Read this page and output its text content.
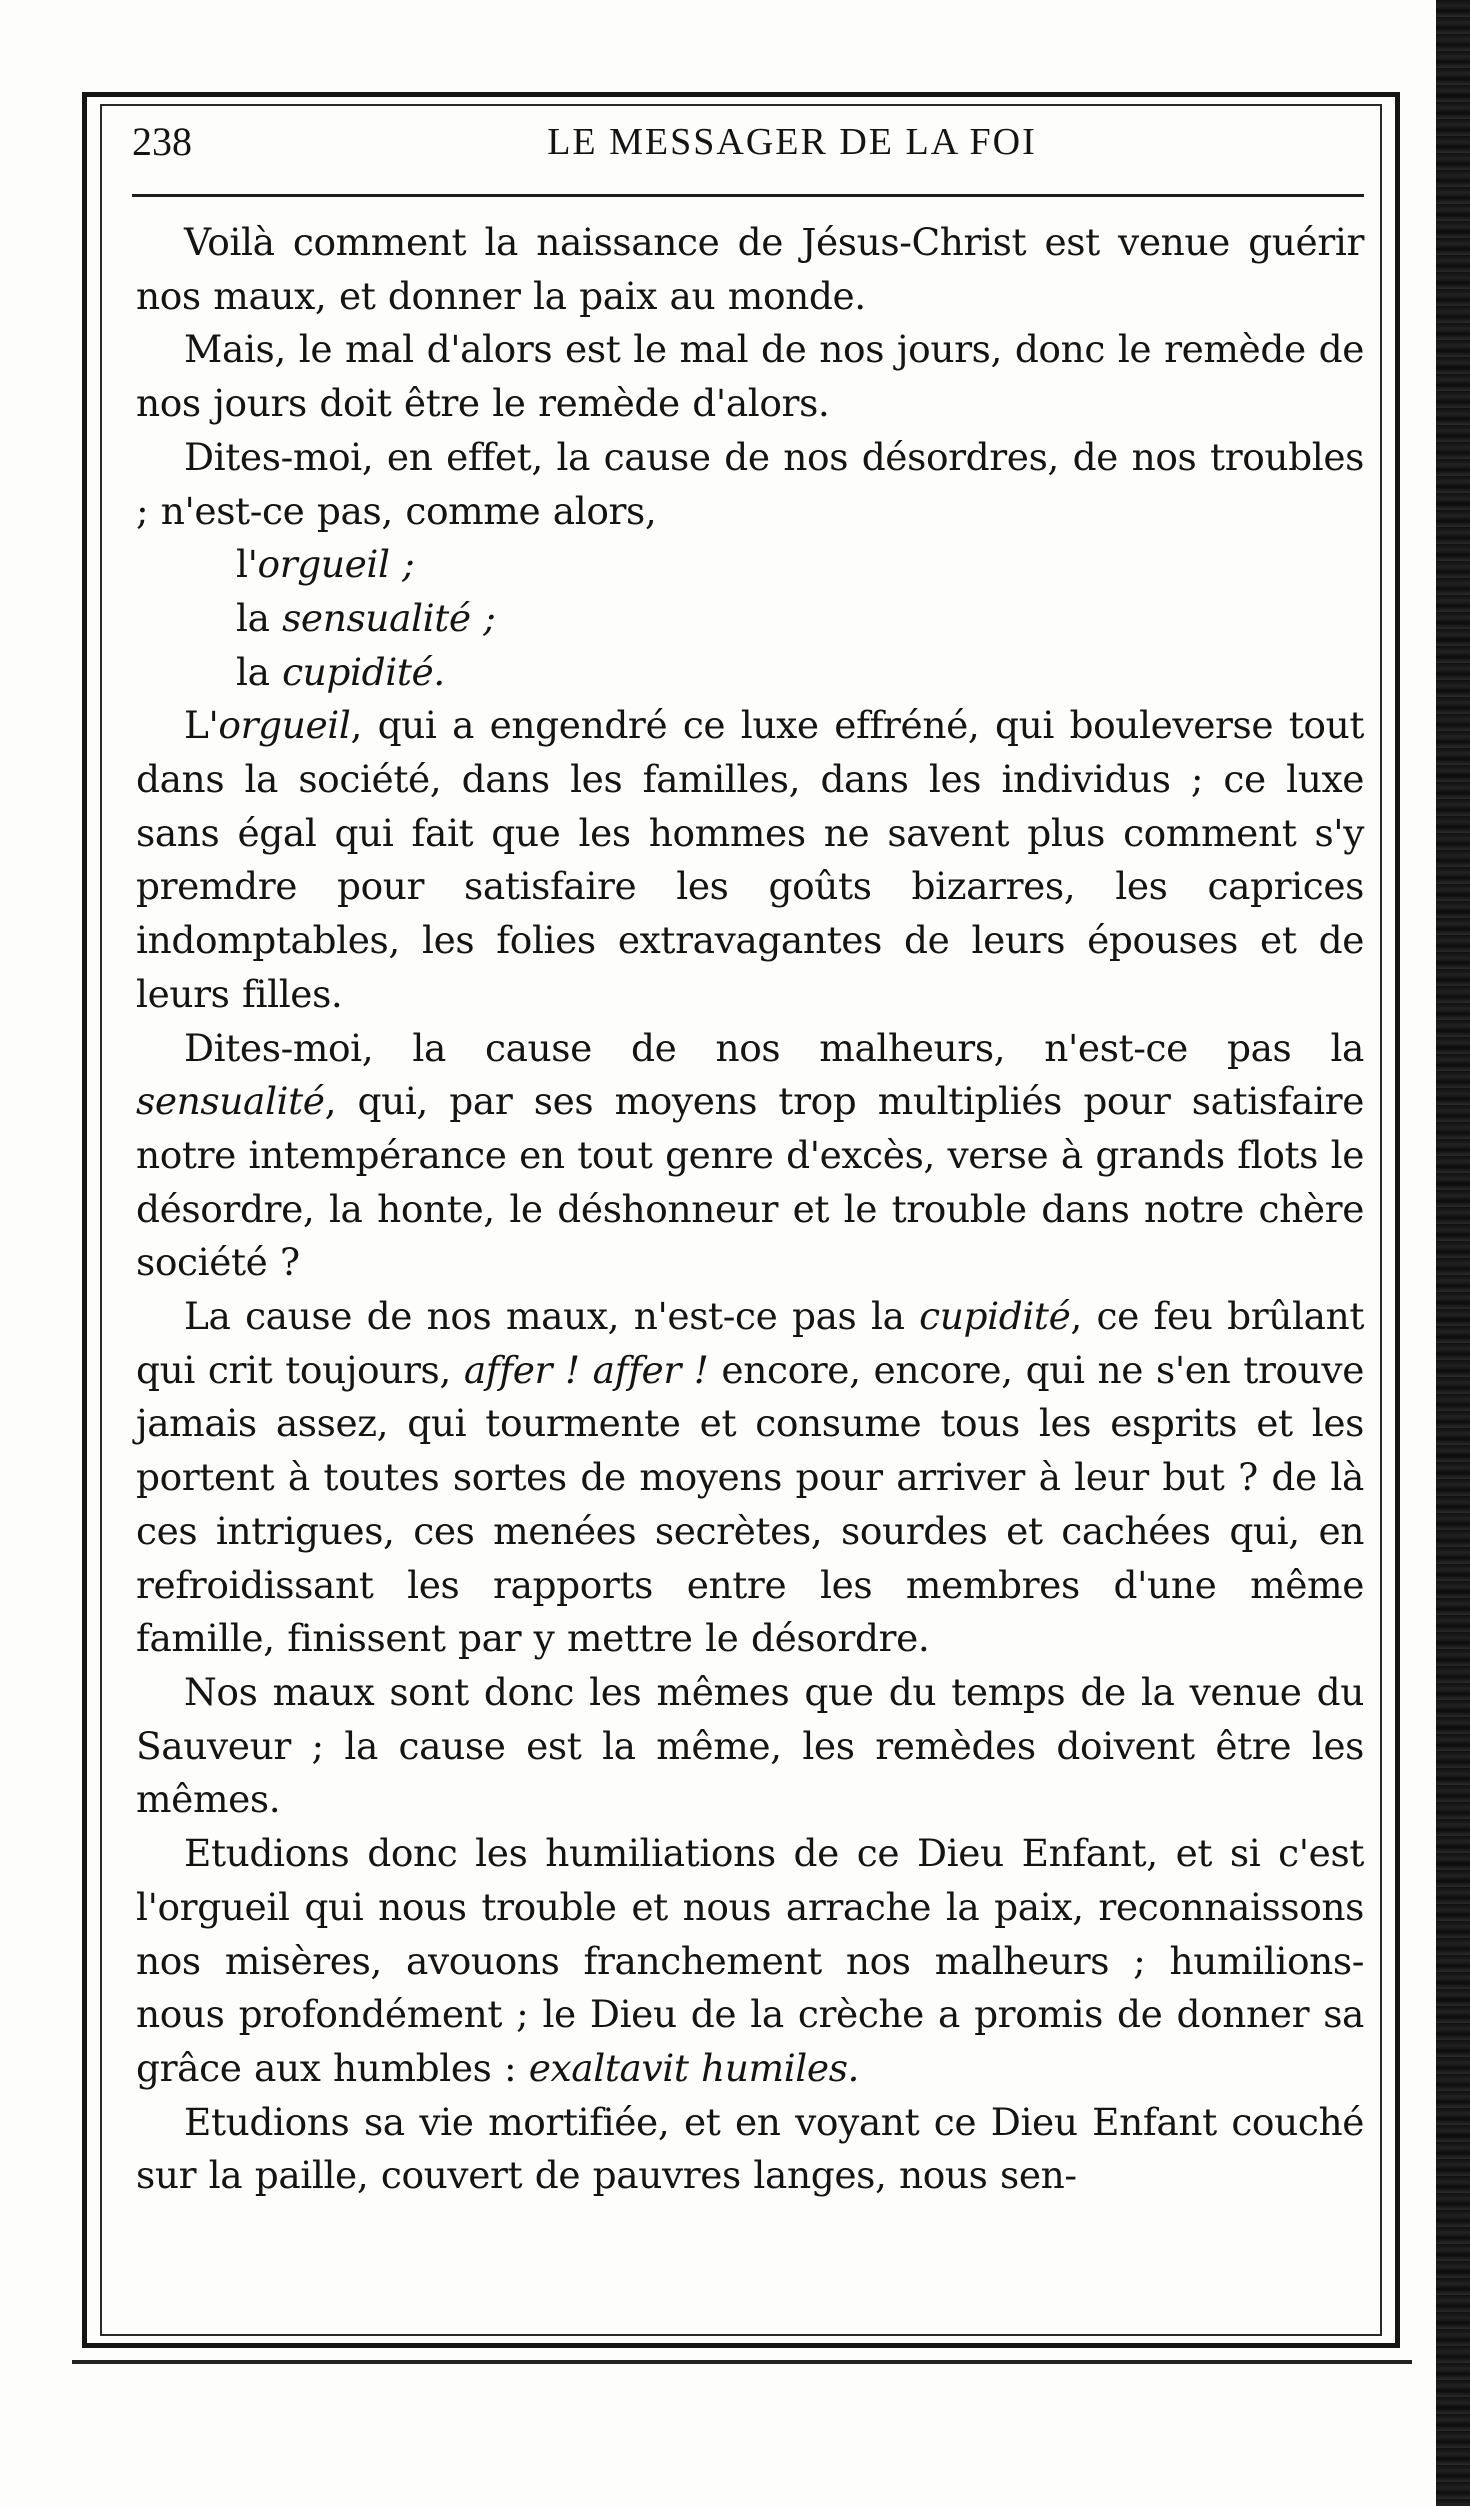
238	LE MESSAGER DE LA FOI

Voilà comment la naissance de Jésus-Christ est venue guérir nos maux, et donner la paix au monde.

Mais, le mal d'alors est le mal de nos jours, donc le remède de nos jours doit être le remède d'alors.

Dites-moi, en effet, la cause de nos désordres, de nos troubles ; n'est-ce pas, comme alors,

l'orgueil ;

la sensualité ;

la cupidité.

L'orgueil, qui a engendré ce luxe effréné, qui bouleverse tout dans la société, dans les familles, dans les individus ; ce luxe sans égal qui fait que les hommes ne savent plus comment s'y premdre pour satisfaire les goûts bizarres, les caprices indomptables, les folies extravagantes de leurs épouses et de leurs filles.

Dites-moi, la cause de nos malheurs, n'est-ce pas la sensualité, qui, par ses moyens trop multipliés pour satisfaire notre intempérance en tout genre d'excès, verse à grands flots le désordre, la honte, le déshonneur et le trouble dans notre chère société ?

La cause de nos maux, n'est-ce pas la cupidité, ce feu brûlant qui crit toujours, affer ! affer ! encore, encore, qui ne s'en trouve jamais assez, qui tourmente et consume tous les esprits et les portent à toutes sortes de moyens pour arriver à leur but ? de là ces intrigues, ces menées secrètes, sourdes et cachées qui, en refroidissant les rapports entre les membres d'une même famille, finissent par y mettre le désordre.

Nos maux sont donc les mêmes que du temps de la venue du Sauveur ; la cause est la même, les remèdes doivent être les mêmes.

Etudions donc les humiliations de ce Dieu Enfant, et si c'est l'orgueil qui nous trouble et nous arrache la paix, reconnaissons nos misères, avouons franchement nos malheurs ; humilions-nous profondément ; le Dieu de la crèche a promis de donner sa grâce aux humbles : exaltavit humiles.

Etudions sa vie mortifiée, et en voyant ce Dieu Enfant couché sur la paille, couvert de pauvres langes, nous sen-
